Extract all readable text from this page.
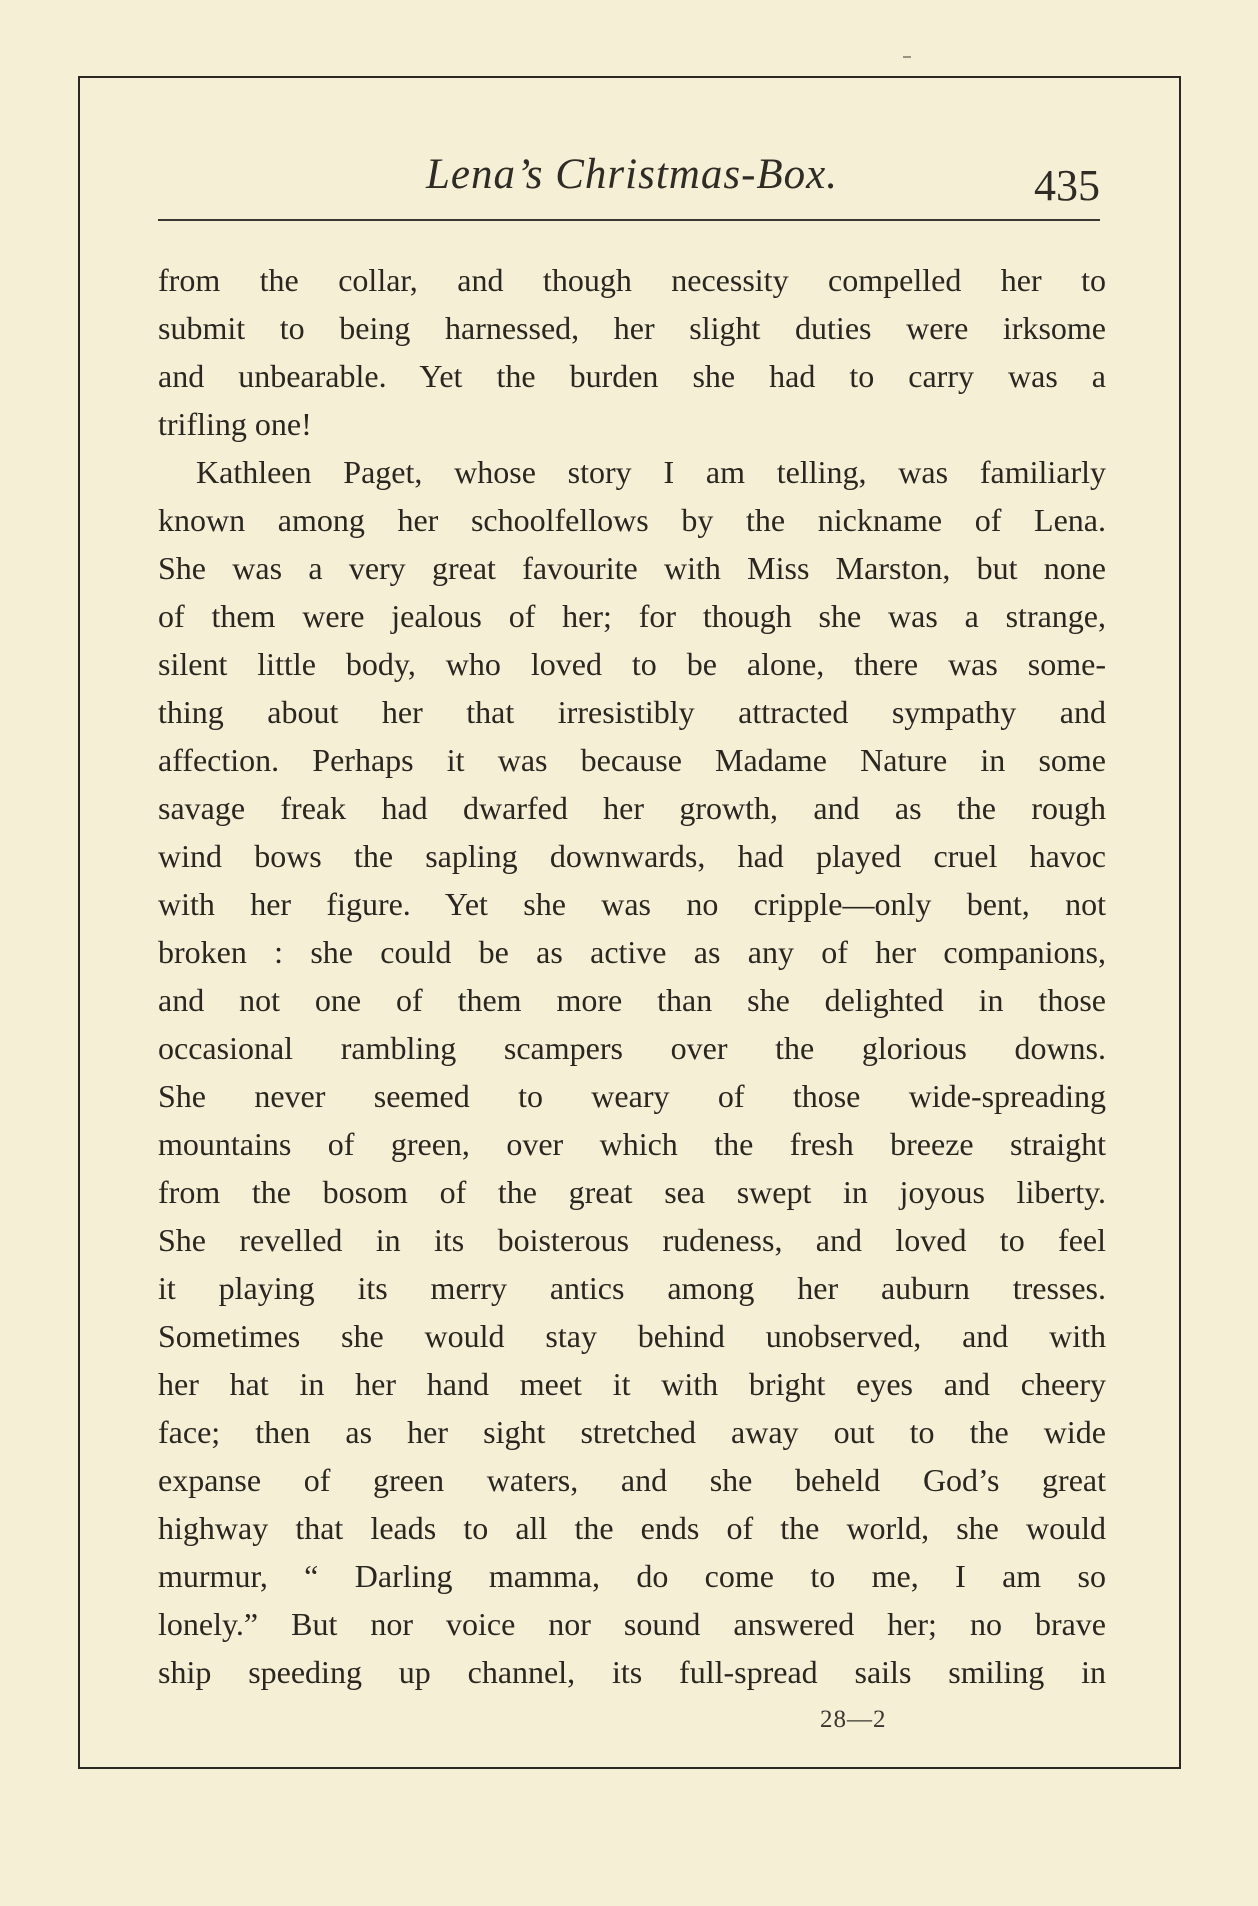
Lena’s Christmas-Box.	435
from the collar, and though necessity compelled her to
submit to being harnessed, her slight duties were irksome
and unbearable. Yet the burden she had to carry was a
trifling one!
Kathleen Paget, whose story I am telling, was familiarly
known among her schoolfellows by the nickname of Lena.
She was a very great favourite with Miss Marston, but none
of them were jealous of her; for though she was a strange,
silent little body, who loved to be alone, there was some-
thing about her that irresistibly attracted sympathy and
affection. Perhaps it was because Madame Nature in some
savage freak had dwarfed her growth, and as the rough
wind bows the sapling downwards, had played cruel havoc
with her figure. Yet she was no cripple—only bent, not
broken : she could be as active as any of her companions,
and not one of them more than she delighted in those
occasional rambling scampers over the glorious downs.
She never seemed to weary of those wide-spreading
mountains of green, over which the fresh breeze straight
from the bosom of the great sea swept in joyous liberty.
She revelled in its boisterous rudeness, and loved to feel
it playing its merry antics among her auburn tresses.
Sometimes she would stay behind unobserved, and with
her hat in her hand meet it with bright eyes and cheery
face; then as her sight stretched away out to the wide
expanse of green waters, and she beheld God’s great
highway that leads to all the ends of the world, she would
murmur, “ Darling mamma, do come to me, I am so
lonely.” But nor voice nor sound answered her; no brave
ship speeding up channel, its full-spread sails smiling in
28—2
